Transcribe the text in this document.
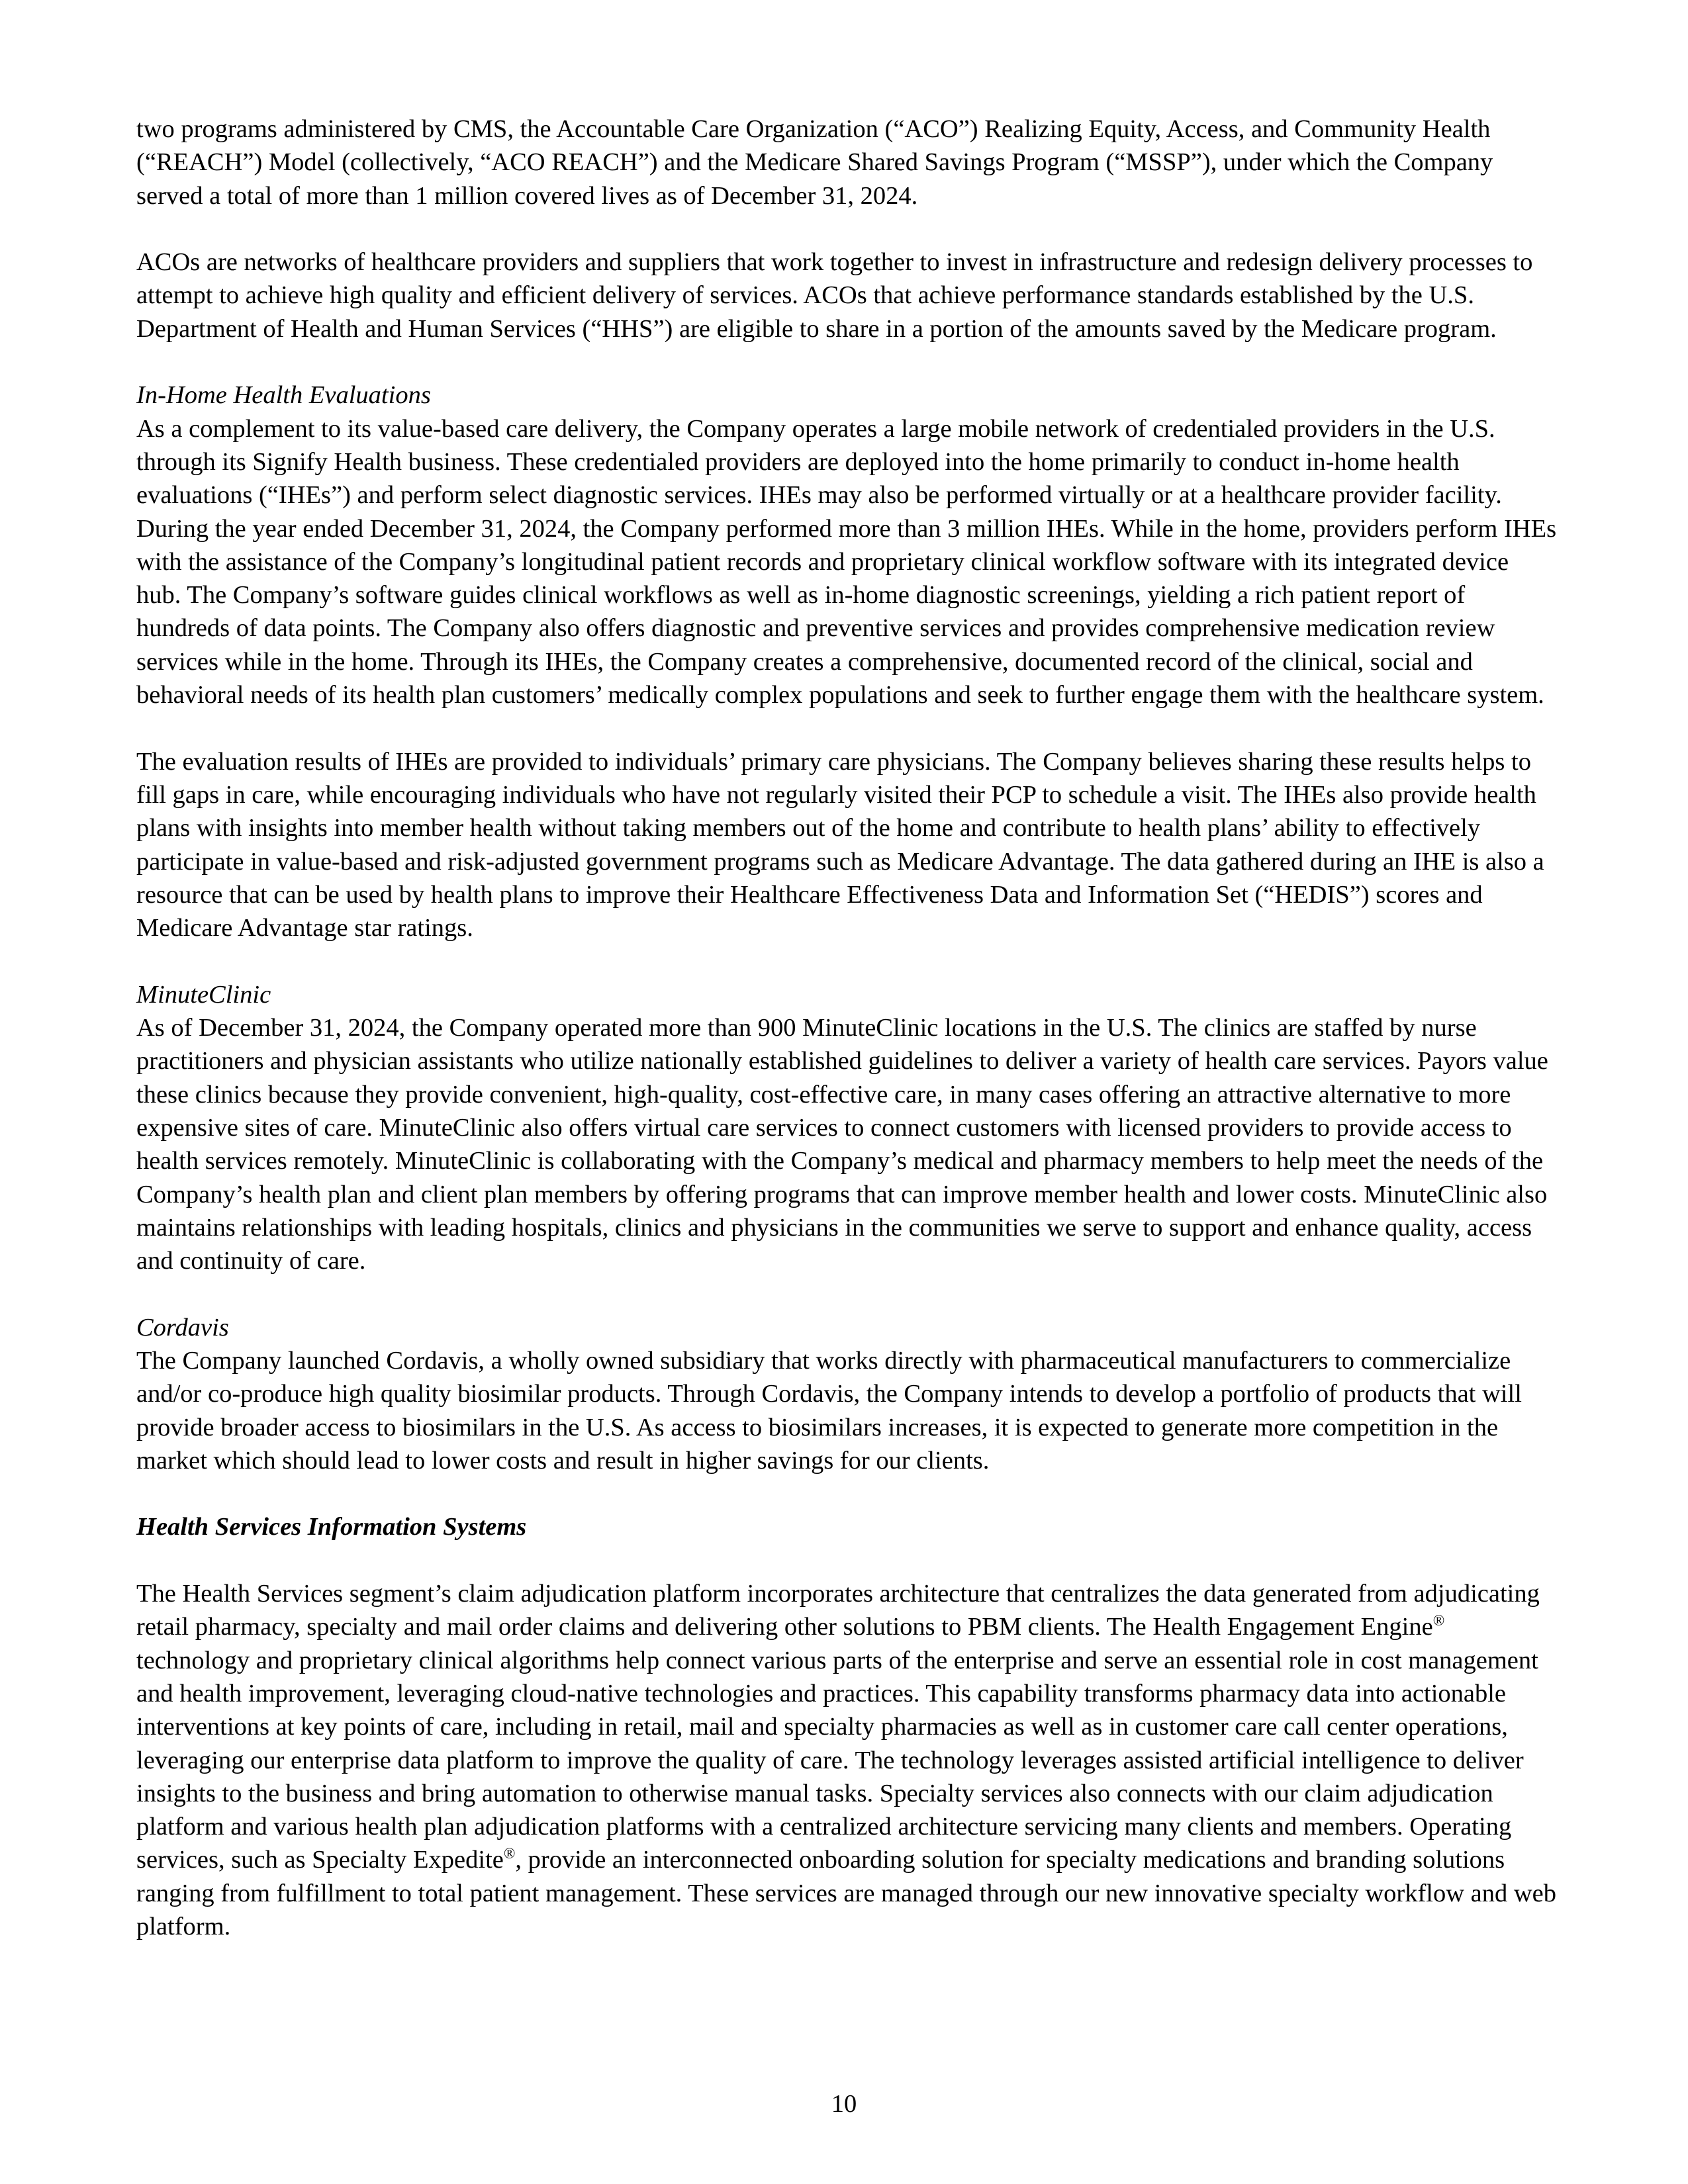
two programs administered by CMS, the Accountable Care Organization (“ACO”) Realizing Equity, Access, and Community Health (“REACH”) Model (collectively, “ACO REACH”) and the Medicare Shared Savings Program (“MSSP”), under which the Company served a total of more than 1 million covered lives as of December 31, 2024.

ACOs are networks of healthcare providers and suppliers that work together to invest in infrastructure and redesign delivery processes to attempt to achieve high quality and efficient delivery of services. ACOs that achieve performance standards established by the U.S. Department of Health and Human Services (“HHS”) are eligible to share in a portion of the amounts saved by the Medicare program.

In-Home Health Evaluations

As a complement to its value-based care delivery, the Company operates a large mobile network of credentialed providers in the U.S. through its Signify Health business. These credentialed providers are deployed into the home primarily to conduct in-home health evaluations (“IHEs”) and perform select diagnostic services. IHEs may also be performed virtually or at a healthcare provider facility. During the year ended December 31, 2024, the Company performed more than 3 million IHEs. While in the home, providers perform IHEs with the assistance of the Company’s longitudinal patient records and proprietary clinical workflow software with its integrated device hub. The Company’s software guides clinical workflows as well as in-home diagnostic screenings, yielding a rich patient report of hundreds of data points. The Company also offers diagnostic and preventive services and provides comprehensive medication review services while in the home. Through its IHEs, the Company creates a comprehensive, documented record of the clinical, social and behavioral needs of its health plan customers’ medically complex populations and seek to further engage them with the healthcare system.

The evaluation results of IHEs are provided to individuals’ primary care physicians. The Company believes sharing these results helps to fill gaps in care, while encouraging individuals who have not regularly visited their PCP to schedule a visit. The IHEs also provide health plans with insights into member health without taking members out of the home and contribute to health plans’ ability to effectively participate in value-based and risk-adjusted government programs such as Medicare Advantage. The data gathered during an IHE is also a resource that can be used by health plans to improve their Healthcare Effectiveness Data and Information Set (“HEDIS”) scores and Medicare Advantage star ratings.

MinuteClinic

As of December 31, 2024, the Company operated more than 900 MinuteClinic locations in the U.S. The clinics are staffed by nurse practitioners and physician assistants who utilize nationally established guidelines to deliver a variety of health care services. Payors value these clinics because they provide convenient, high-quality, cost-effective care, in many cases offering an attractive alternative to more expensive sites of care. MinuteClinic also offers virtual care services to connect customers with licensed providers to provide access to health services remotely. MinuteClinic is collaborating with the Company’s medical and pharmacy members to help meet the needs of the Company’s health plan and client plan members by offering programs that can improve member health and lower costs. MinuteClinic also maintains relationships with leading hospitals, clinics and physicians in the communities we serve to support and enhance quality, access and continuity of care.

Cordavis

The Company launched Cordavis, a wholly owned subsidiary that works directly with pharmaceutical manufacturers to commercialize and/or co-produce high quality biosimilar products. Through Cordavis, the Company intends to develop a portfolio of products that will provide broader access to biosimilars in the U.S. As access to biosimilars increases, it is expected to generate more competition in the market which should lead to lower costs and result in higher savings for our clients.

Health Services Information Systems

The Health Services segment’s claim adjudication platform incorporates architecture that centralizes the data generated from adjudicating retail pharmacy, specialty and mail order claims and delivering other solutions to PBM clients. The Health Engagement Engine® technology and proprietary clinical algorithms help connect various parts of the enterprise and serve an essential role in cost management and health improvement, leveraging cloud-native technologies and practices. This capability transforms pharmacy data into actionable interventions at key points of care, including in retail, mail and specialty pharmacies as well as in customer care call center operations, leveraging our enterprise data platform to improve the quality of care. The technology leverages assisted artificial intelligence to deliver insights to the business and bring automation to otherwise manual tasks. Specialty services also connects with our claim adjudication platform and various health plan adjudication platforms with a centralized architecture servicing many clients and members. Operating services, such as Specialty Expedite®, provide an interconnected onboarding solution for specialty medications and branding solutions ranging from fulfillment to total patient management. These services are managed through our new innovative specialty workflow and web platform.

10
